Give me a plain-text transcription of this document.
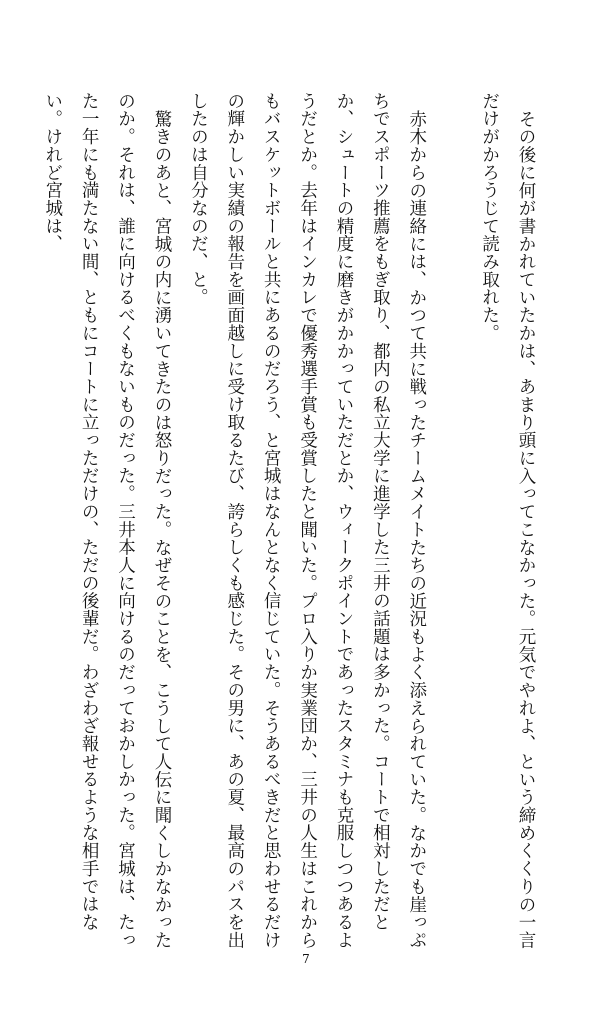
その後に何が書かれていたかは、あまり頭に入ってこなかった。元気でやれよ、という締めくくりの一言だけがかろうじて読み取れた。

赤木からの連絡には、かつて共に戦ったチームメイトたちの近況もよく添えられていた。なかでも崖っぷちでスポーツ推薦をもぎ取り、都内の私立大学に進学した三井の話題は多かった。コートで相対しただとか、シュートの精度に磨きがかかっていただとか、ウィークポイントであったスタミナも克服しつつあるようだとか。去年はインカレで優秀選手賞も受賞したと聞いた。プロ入りか実業団か、三井の人生はこれからもバスケットボールと共にあるのだろう、と宮城はなんとなく信じていた。そうあるべきだと思わせるだけの輝かしい実績の報告を画面越しに受け取るたび、誇らしくも感じた。その男に、あの夏、最高のパスを出したのは自分なのだ、と。

驚きのあと、宮城の内に湧いてきたのは怒りだった。なぜそのことを、こうして人伝に聞くしかなかったのか。それは、誰に向けるべくもないものだった。三井本人に向けるのだっておかしかった。宮城は、たった一年にも満たない間、ともにコートに立っただけの、ただの後輩だ。わざわざ報せるような相手ではない。けれど宮城は、

7
